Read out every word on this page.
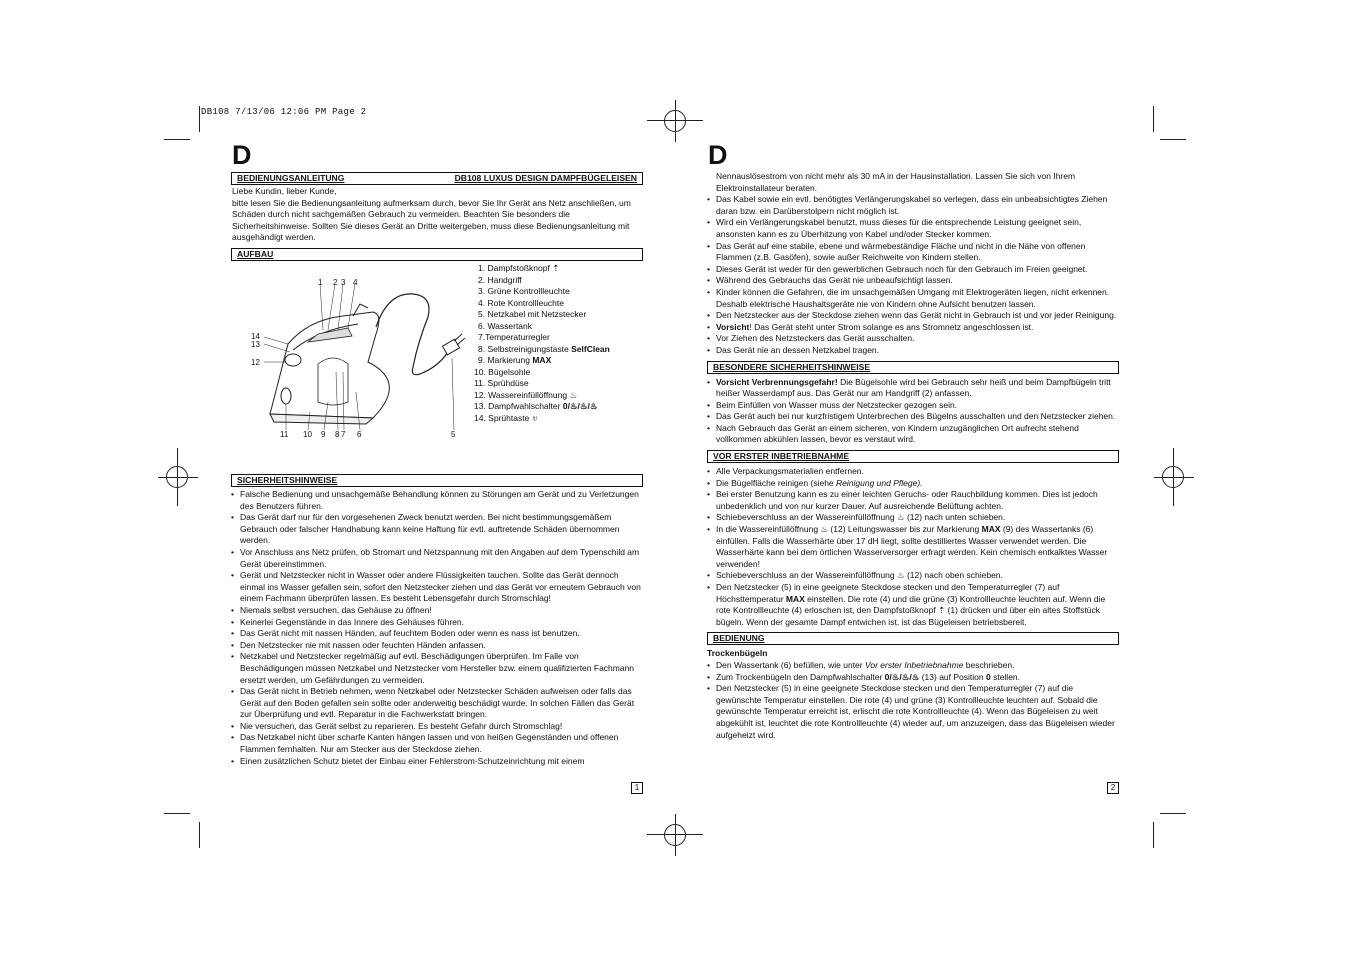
DB108 7/13/06 12:06 PM Page 2
D
BEDIENUNGSANLEITUNG	DB108 LUXUS DESIGN DAMPFBÜGELEISEN

Liebe Kundin, lieber Kunde,

bitte lesen Sie die Bedienungsanleitung aufmerksam durch, bevor Sie Ihr Gerät ans Netz anschließen, um Schäden durch nicht sachgemäßen Gebrauch zu vermeiden. Beachten Sie besonders die Sicherheitshinweise. Sollten Sie dieses Gerät an Dritte weitergeben, muss diese Bedienungsanleitung mit ausgehändigt werden.

AUFBAU
1 2 3 4
14
13
12
11 10 9 8 7 6	5
1. Dampfstoßknopf ⇡
2. Handgriff
3. Grüne Kontrollleuchte
4. Rote Kontrollleuchte
5. Netzkabel mit Netzstecker
6. Wassertank
7.Temperaturregler
8. Selbstreinigungstaste SelfClean
9. Markierung MAX
10. Bügelsohle
11. Sprühdüse
12. Wassereinfüllöffnung ♨
13. Dampfwahlschalter 0/♨/♨/♨
14. Sprühtaste ♅
SICHERHEITSHINWEISE
• Falsche Bedienung und unsachgemäße Behandlung können zu Störungen am Gerät und zu Verletzungen des Benutzers führen.
• Das Gerät darf nur für den vorgesehenen Zweck benutzt werden. Bei nicht bestimmungsgemäßem Gebrauch oder falscher Handhabung kann keine Haftung für evtl. auftretende Schäden übernommen werden.
• Vor Anschluss ans Netz prüfen, ob Stromart und Netzspannung mit den Angaben auf dem Typenschild am Gerät übereinstimmen.
• Gerät und Netzstecker nicht in Wasser oder andere Flüssigkeiten tauchen. Sollte das Gerät dennoch einmal ins Wasser gefallen sein, sofort den Netzstecker ziehen und das Gerät vor erneutem Gebrauch von einem Fachmann überprüfen lassen. Es besteht Lebensgefahr durch Stromschlag!
• Niemals selbst versuchen, das Gehäuse zu öffnen!
• Keinerlei Gegenstände in das Innere des Gehäuses führen.
• Das Gerät nicht mit nassen Händen, auf feuchtem Boden oder wenn es nass ist benutzen.
• Den Netzstecker nie mit nassen oder feuchten Händen anfassen.
• Netzkabel und Netzstecker regelmäßig auf evtl. Beschädigungen überprüfen. Im Falle von Beschädigungen müssen Netzkabel und Netzstecker vom Hersteller bzw. einem qualifizierten Fachmann ersetzt werden, um Gefährdungen zu vermeiden.
• Das Gerät nicht in Betrieb nehmen, wenn Netzkabel oder Netzstecker Schäden aufweisen oder falls das Gerät auf den Boden gefallen sein sollte oder anderweitig beschädigt wurde. In solchen Fällen das Gerät zur Überprüfung und evtl. Reparatur in die Fachwerkstatt bringen.
• Nie versuchen, das Gerät selbst zu reparieren. Es besteht Gefahr durch Stromschlag!
• Das Netzkabel nicht über scharfe Kanten hängen lassen und von heißen Gegenständen und offenen Flammen fernhalten. Nur am Stecker aus der Steckdose ziehen.
• Einen zusätzlichen Schutz bietet der Einbau einer Fehlerstrom-Schutzeinrichtung mit einem
1
D

Nennauslösestrom von nicht mehr als 30 mA in der Hausinstallation. Lassen Sie sich von Ihrem Elektroinstallateur beraten.

• Das Kabel sowie ein evtl. benötigtes Verlängerungskabel so verlegen, dass ein unbeabsichtigtes Ziehen daran bzw. ein Darüberstolpern nicht möglich ist.
• Wird ein Verlängerungskabel benutzt, muss dieses für die entsprechende Leistung geeignet sein, ansonsten kann es zu Überhitzung von Kabel und/oder Stecker kommen.
• Das Gerät auf eine stabile, ebene und wärmebeständige Fläche und nicht in die Nähe von offenen Flammen (z.B. Gasöfen), sowie außer Reichweite von Kindern stellen.
• Dieses Gerät ist weder für den gewerblichen Gebrauch noch für den Gebrauch im Freien geeignet.
• Während des Gebrauchs das Gerät nie unbeaufsichtigt lassen.
• Kinder können die Gefahren, die im unsachgemäßen Umgang mit Elektrogeräten liegen, nicht erkennen. Deshalb elektrische Haushaltsgeräte nie von Kindern ohne Aufsicht benutzen lassen.
• Den Netzstecker aus der Steckdose ziehen wenn das Gerät nicht in Gebrauch ist und vor jeder Reinigung.
• Vorsicht! Das Gerät steht unter Strom solange es ans Stromnetz angeschlossen ist.
• Vor Ziehen des Netzsteckers das Gerät ausschalten.
• Das Gerät nie an dessen Netzkabel tragen.
BESONDERE SICHERHEITSHINWEISE
• Vorsicht Verbrennungsgefahr! Die Bügelsohle wird bei Gebrauch sehr heiß und beim Dampfbügeln tritt heißer Wasserdampf aus. Das Gerät nur am Handgriff (2) anfassen.
• Beim Einfüllen von Wasser muss der Netzstecker gezogen sein.
• Das Gerät auch bei nur kurzfristigem Unterbrechen des Bügelns ausschalten und den Netzstecker ziehen.
• Nach Gebrauch das Gerät an einem sicheren, von Kindern unzugänglichen Ort aufrecht stehend vollkommen abkühlen lassen, bevor es verstaut wird.
VOR ERSTER INBETRIEBNAHME
• Alle Verpackungsmaterialien entfernen.
• Die Bügelfläche reinigen (siehe Reinigung und Pflege).
• Bei erster Benutzung kann es zu einer leichten Geruchs- oder Rauchbildung kommen. Dies ist jedoch unbedenklich und von nur kurzer Dauer. Auf ausreichende Belüftung achten.
• Schiebeverschluss an der Wassereinfüllöffnung ♨ (12) nach unten schieben.
• In die Wassereinfüllöffnung ♨ (12) Leitungswasser bis zur Markierung MAX (9) des Wassertanks (6) einfüllen. Falls die Wasserhärte über 17 dH liegt, sollte destilliertes Wasser verwendet werden. Die Wasserhärte kann bei dem örtlichen Wasserversorger erfragt werden. Kein chemisch entkalktes Wasser verwenden!
• Schiebeverschluss an der Wassereinfüllöffnung ♨ (12) nach oben schieben.
• Den Netzstecker (5) in eine geeignete Steckdose stecken und den Temperaturregler (7) auf Höchsttemperatur MAX einstellen. Die rote (4) und die grüne (3) Kontrollleuchte leuchten auf. Wenn die rote Kontrollleuchte (4) erloschen ist, den Dampfstoßknopf ⇡ (1) drücken und über ein altes Stoffstück bügeln. Wenn der gesamte Dampf entwichen ist, ist das Bügeleisen betriebsbereit.
BEDIENUNG

Trockenbügeln

• Den Wassertank (6) befüllen, wie unter Vor erster Inbetriebnahme beschrieben.
• Zum Trockenbügeln den Dampfwahlschalter 0/♨/♨/♨ (13) auf Position 0 stellen.
• Den Netzstecker (5) in eine geeignete Steckdose stecken und den Temperaturregler (7) auf die gewünschte Temperatur einstellen. Die rote (4) und grüne (3) Kontrollleuchte leuchten auf. Sobald die gewünschte Temperatur erreicht ist, erlischt die rote Kontrollleuchte (4). Wenn das Bügeleisen zu weit abgekühlt ist, leuchtet die rote Kontrollleuchte (4) wieder auf, um anzuzeigen, dass das Bügeleisen wieder aufgeheizt wird.
2
